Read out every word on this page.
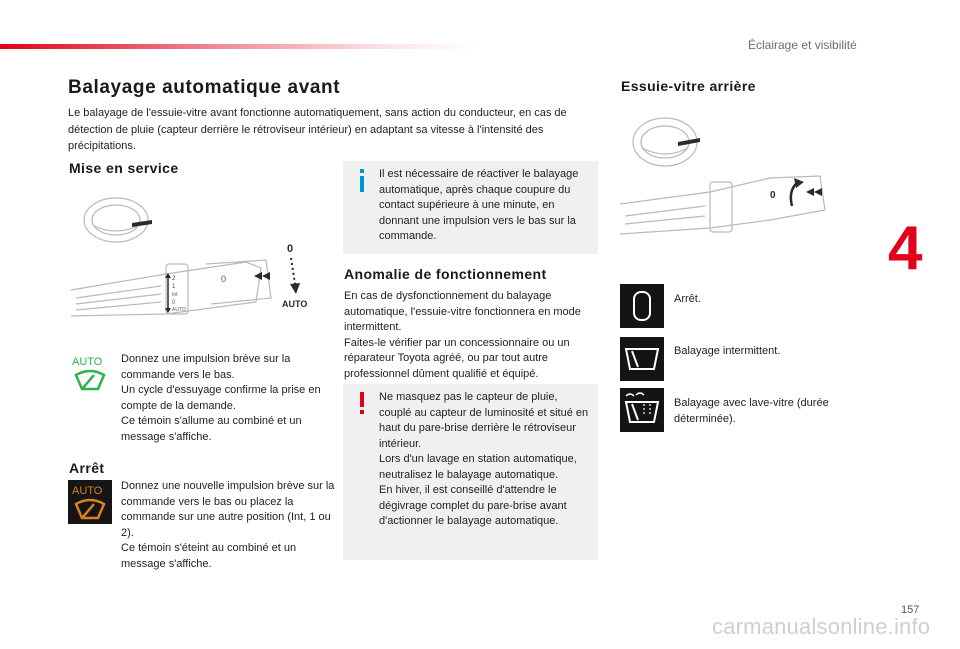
Éclairage et visibilité
4
157
carmanualsonline.info
Balayage automatique avant

Le balayage de l'essuie-vitre avant fonctionne automatiquement, sans action du conducteur, en cas de détection de pluie (capteur derrière le rétroviseur intérieur) en adaptant sa vitesse à l'intensité des précipitations.

Mise en service
2
1
Int
0
AUTO
0
0
AUTO
AUTO Donnez une impulsion brève sur la commande vers le bas.
Un cycle d'essuyage confirme la prise en compte de la demande.
Ce témoin s'allume au combiné et un message s'affiche.

Arrêt
AUTO Donnez une nouvelle impulsion brève sur la commande vers le bas ou placez la commande sur une autre position (Int, 1 ou 2).
Ce témoin s'éteint au combiné et un message s'affiche.

Il est nécessaire de réactiver le balayage automatique, après chaque coupure du contact supérieure à une minute, en donnant une impulsion vers le bas sur la commande.

Anomalie de fonctionnement

En cas de dysfonctionnement du balayage automatique, l'essuie-vitre fonctionnera en mode intermittent.
Faites-le vérifier par un concessionnaire ou un réparateur Toyota agréé, ou par tout autre professionnel dûment qualifié et équipé.

Ne masquez pas le capteur de pluie, couplé au capteur de luminosité et situé en haut du pare-brise derrière le rétroviseur intérieur.
Lors d'un lavage en station automatique, neutralisez le balayage automatique.
En hiver, il est conseillé d'attendre le dégivrage complet du pare-brise avant d'actionner le balayage automatique.

Essuie-vitre arrière
0

Arrêt.

Balayage intermittent.

Balayage avec lave-vitre (durée déterminée).
